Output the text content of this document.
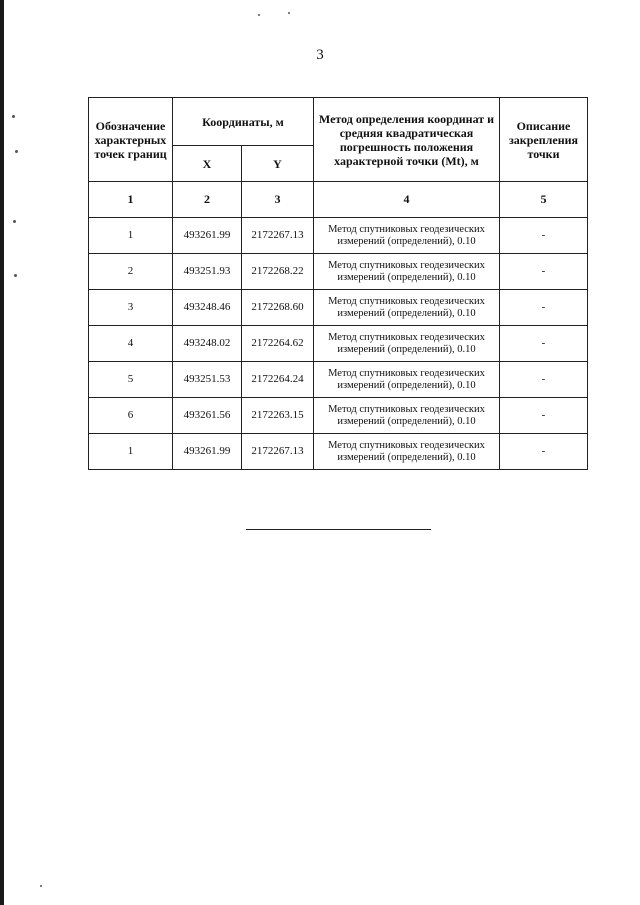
3
Обозначение характерных точек границ	Координаты, м		Метод определения координат и средняя квадратическая погрешность положения характерной точки (Mt), м	Описание закрепления точки
	X	Y		
1	2	3	4	5
1	493261.99	2172267.13	Метод спутниковых геодезических измерений (определений), 0.10	-
2	493251.93	2172268.22	Метод спутниковых геодезических измерений (определений), 0.10	-
3	493248.46	2172268.60	Метод спутниковых геодезических измерений (определений), 0.10	-
4	493248.02	2172264.62	Метод спутниковых геодезических измерений (определений), 0.10	-
5	493251.53	2172264.24	Метод спутниковых геодезических измерений (определений), 0.10	-
6	493261.56	2172263.15	Метод спутниковых геодезических измерений (определений), 0.10	-
1	493261.99	2172267.13	Метод спутниковых геодезических измерений (определений), 0.10	-
